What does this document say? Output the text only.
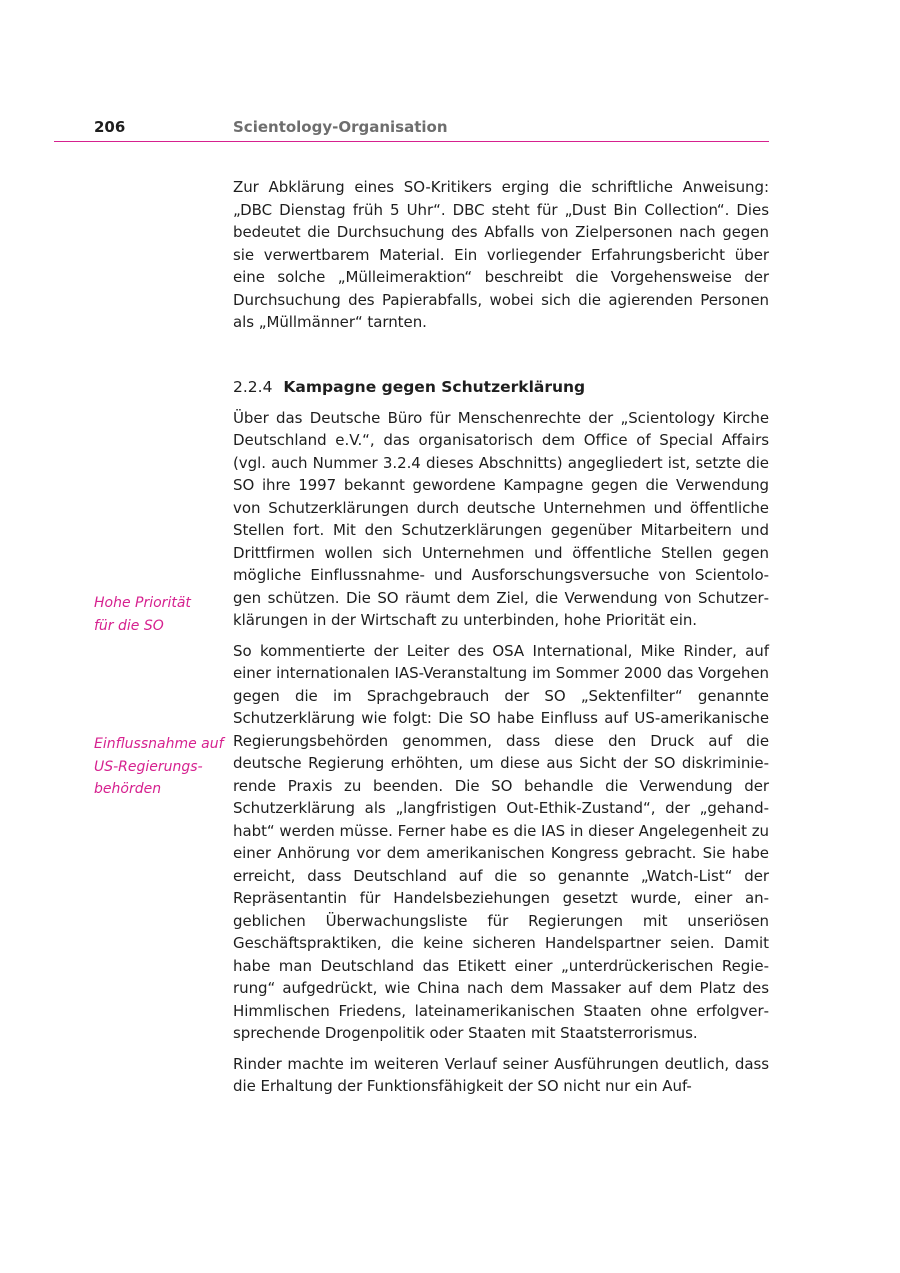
206	Scientology-Organisation
Hohe Priorität
für die SO
Einflussnahme auf
US-Regierungs-
behörden

Zur Abklärung eines SO-Kritikers erging die schriftliche Anweisung: „DBC Dienstag früh 5 Uhr“. DBC steht für „Dust Bin Collection“. Dies bedeutet die Durchsuchung des Abfalls von Zielpersonen nach gegen sie verwertbarem Material. Ein vorliegender Erfahrungsbericht über eine solche „Mülleimeraktion“ beschreibt die Vorgehensweise der Durchsuchung des Papierabfalls, wobei sich die agierenden Personen als „Müllmänner“ tarnten.

2.2.4 Kampagne gegen Schutzerklärung

Über das Deutsche Büro für Menschenrechte der „Scientology Kirche Deutschland e.V.“, das organisatorisch dem Office of Special Affairs (vgl. auch Nummer 3.2.4 dieses Abschnitts) angegliedert ist, setzte die SO ihre 1997 bekannt gewordene Kampagne gegen die Verwendung von Schutzerklärungen durch deutsche Unternehmen und öffentliche Stellen fort. Mit den Schutzerklärungen gegenüber Mitarbeitern und Drittfirmen wollen sich Unternehmen und öffentliche Stellen gegen mögliche Einflussnahme- und Ausforschungsversuche von Scientologen schützen. Die SO räumt dem Ziel, die Verwendung von Schutzerklärungen in der Wirtschaft zu unterbinden, hohe Priorität ein.

So kommentierte der Leiter des OSA International, Mike Rinder, auf einer internationalen IAS-Veranstaltung im Sommer 2000 das Vorgehen gegen die im Sprachgebrauch der SO „Sektenfilter“ genannte Schutzerklärung wie folgt: Die SO habe Einfluss auf US-amerikanische Regierungsbehörden genommen, dass diese den Druck auf die deutsche Regierung erhöhten, um diese aus Sicht der SO diskriminierende Praxis zu beenden. Die SO behandle die Verwendung der Schutzerklärung als „langfristigen Out-Ethik-Zustand“, der „gehandhabt“ werden müsse. Ferner habe es die IAS in dieser Angelegenheit zu einer Anhörung vor dem amerikanischen Kongress gebracht. Sie habe erreicht, dass Deutschland auf die so genannte „Watch-List“ der Repräsentantin für Handelsbeziehungen gesetzt wurde, einer angeblichen Überwachungsliste für Regierungen mit unseriösen Geschäftspraktiken, die keine sicheren Handelspartner seien. Damit habe man Deutschland das Etikett einer „unterdrückerischen Regierung“ aufgedrückt, wie China nach dem Massaker auf dem Platz des Himmlischen Friedens, lateinamerikanischen Staaten ohne erfolgversprechende Drogenpolitik oder Staaten mit Staatsterrorismus.

Rinder machte im weiteren Verlauf seiner Ausführungen deutlich, dass die Erhaltung der Funktionsfähigkeit der SO nicht nur ein Auf-
